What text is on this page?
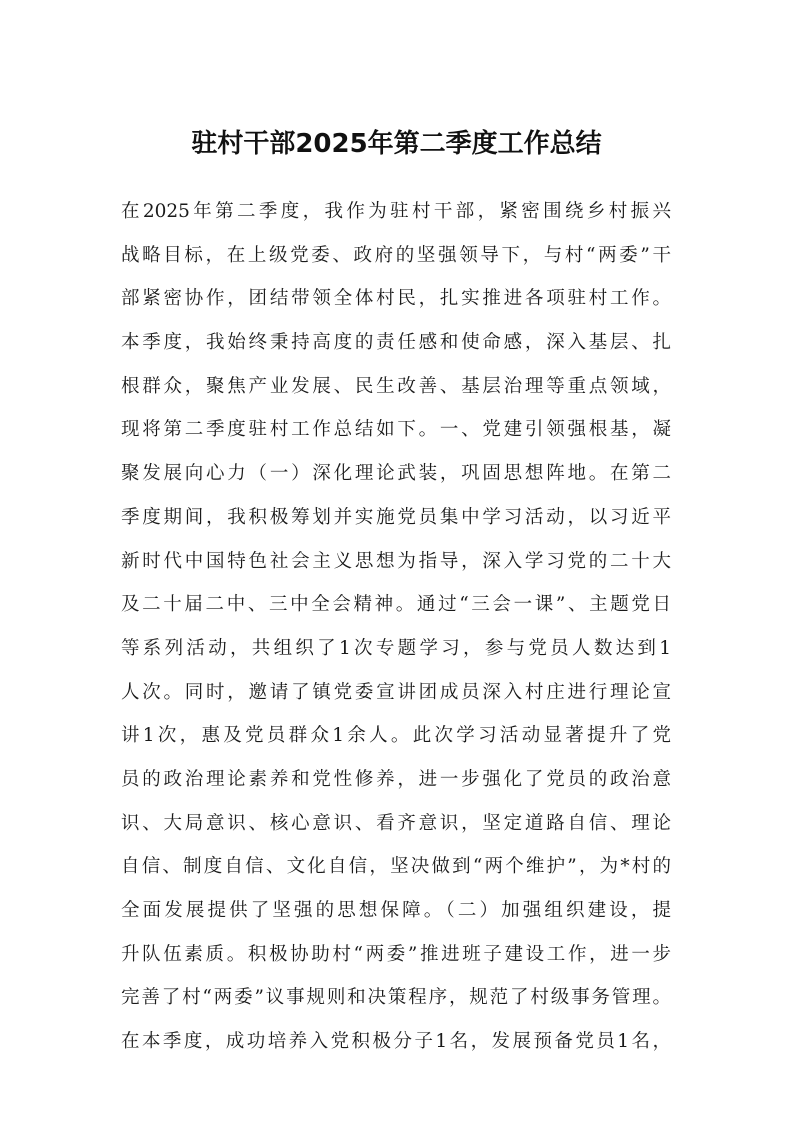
驻村干部2025年第二季度工作总结
在2025年第二季度，我作为驻村干部，紧密围绕乡村振兴
战略目标，在上级党委、政府的坚强领导下，与村“两委”干
部紧密协作，团结带领全体村民，扎实推进各项驻村工作。
本季度，我始终秉持高度的责任感和使命感，深入基层、扎
根群众，聚焦产业发展、民生改善、基层治理等重点领域，
现将第二季度驻村工作总结如下。一、党建引领强根基，凝
聚发展向心力（一）深化理论武装，巩固思想阵地。在第二
季度期间，我积极筹划并实施党员集中学习活动，以习近平
新时代中国特色社会主义思想为指导，深入学习党的二十大
及二十届二中、三中全会精神。通过“三会一课”、主题党日
等系列活动，共组织了1次专题学习，参与党员人数达到1
人次。同时，邀请了镇党委宣讲团成员深入村庄进行理论宣
讲1次，惠及党员群众1余人。此次学习活动显著提升了党
员的政治理论素养和党性修养，进一步强化了党员的政治意
识、大局意识、核心意识、看齐意识，坚定道路自信、理论
自信、制度自信、文化自信，坚决做到“两个维护”，为*村的
全面发展提供了坚强的思想保障。（二）加强组织建设，提
升队伍素质。积极协助村“两委”推进班子建设工作，进一步
完善了村“两委”议事规则和决策程序，规范了村级事务管理。
在本季度，成功培养入党积极分子1名，发展预备党员1名，
